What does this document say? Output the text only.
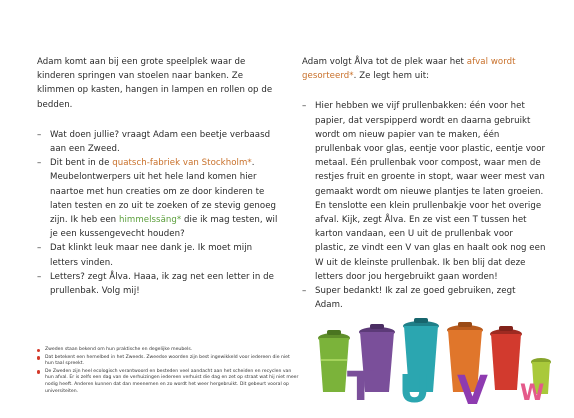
Adam komt aan bij een grote speelplek waar de kinderen springen van stoelen naar banken. Ze klimmen op kasten, hangen in lampen en rollen op de bedden.

– Wat doen jullie? vraagt Adam een beetje verbaasd aan een Zweed.
– Dit bent in de quatsch-fabriek van Stockholm*. Meubelontwerpers uit het hele land komen hier naartoe met hun creaties om ze door kinderen te laten testen en zo uit te zoeken of ze stevig genoeg zijn. Ik heb een himmelssäng* die ik mag testen, wil je een kussengevecht houden?
– Dat klinkt leuk maar nee dank je. Ik moet mijn letters vinden.
– Letters? zegt Ålva. Haaa, ik zag net een letter in de prullenbak. Volg mij!

Adam volgt Ålva tot de plek waar het afval wordt gesorteerd*. Ze legt hem uit:

– Hier hebben we vijf prullenbakken: één voor het papier, dat verspipperd wordt en daarna gebruikt wordt om nieuw papier van te maken, één prullenbak voor glas, eentje voor plastic, eentje voor metaal. Eén prullenbak voor compost, waar men de restjes fruit en groente in stopt, waar weer mest van gemaakt wordt om nieuwe plantjes te laten groeien. En tenslotte een klein prullenbakje voor het overige afval. Kijk, zegt Ålva. En ze vist een T tussen het karton vandaan, een U uit de prullenbak voor plastic, ze vindt een V van glas en haalt ook nog een W uit de kleinste prullenbak. Ik ben blij dat deze letters door jou hergebruikt gaan worden!
– Super bedankt! Ik zal ze goed gebruiken, zegt Adam.
Zweden staan bekend om hun praktische en degelijke meubels.
Dat betekent een hemelbed in het Zweeds. Zweedse woorden zijn best ingewikkeld voor iedereen die niet hun taal spreekt.
De Zweden zijn heel ecologisch verantwoord en besteden veel aandacht aan het scheiden en recyclen van hun afval. Er is zelfs een dag van de verhuizingen iedereen verhuist die dag en zet op straat wat hij niet meer nodig heeft. Anderen kunnen dat dan meenemen en zo wordt het weer hergebruikt. Dit gebeurt vooral op universiteiten.	T U V W
